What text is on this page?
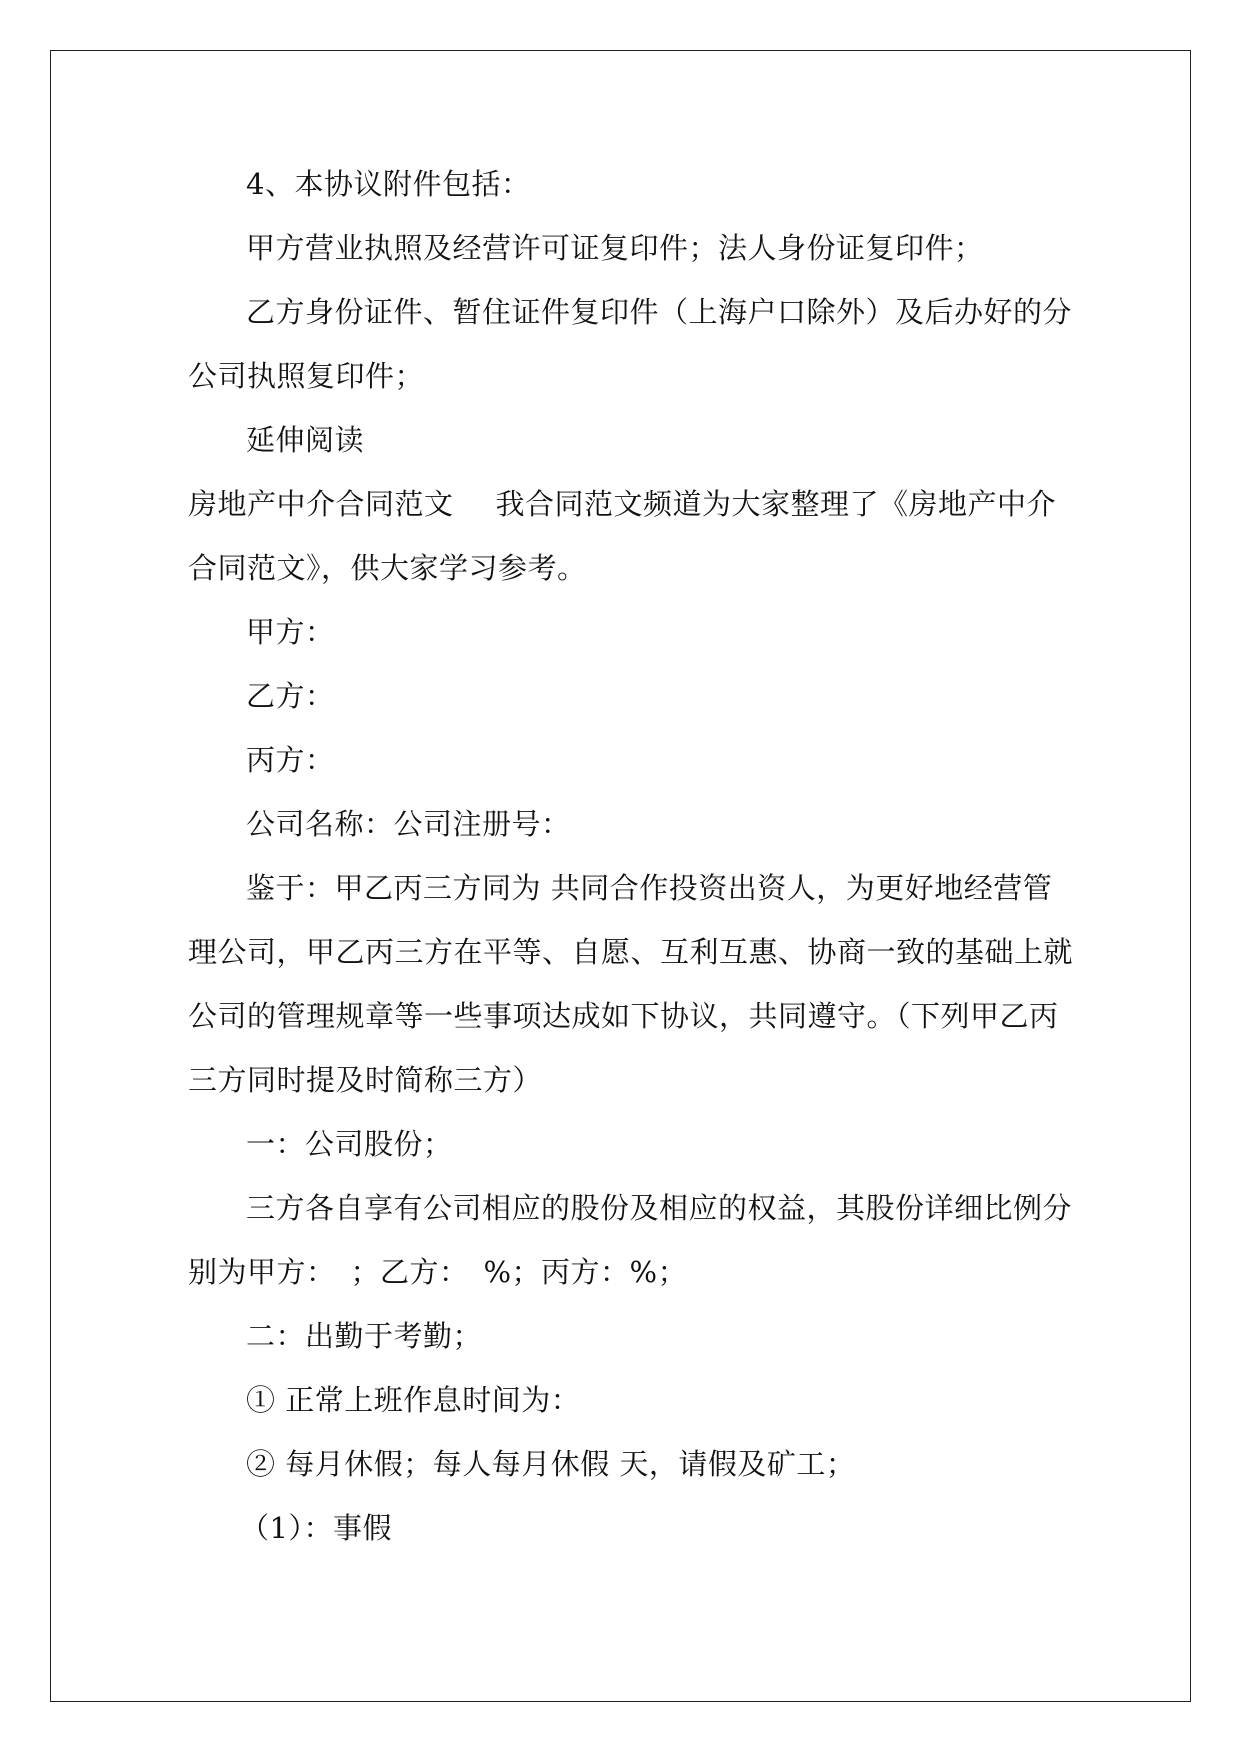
4、本协议附件包括：
甲方营业执照及经营许可证复印件；法人身份证复印件；
乙方身份证件、暂住证件复印件（上海户口除外）及后办好的分
公司执照复印件；
延伸阅读
房地产中介合同范文 我合同范文频道为大家整理了《房地产中介
合同范文》，供大家学习参考。
甲方：
乙方：
丙方：
公司名称：公司注册号：
鉴于：甲乙丙三方同为 共同合作投资出资人，为更好地经营管
理公司，甲乙丙三方在平等、自愿、互利互惠、协商一致的基础上就
公司的管理规章等一些事项达成如下协议，共同遵守。（下列甲乙丙
三方同时提及时简称三方）
一：公司股份；
三方各自享有公司相应的股份及相应的权益，其股份详细比例分
别为甲方：　；乙方：　%；丙方：%；
二：出勤于考勤；
① 正常上班作息时间为：
② 每月休假；每人每月休假 天，请假及矿工；
（1）：事假
